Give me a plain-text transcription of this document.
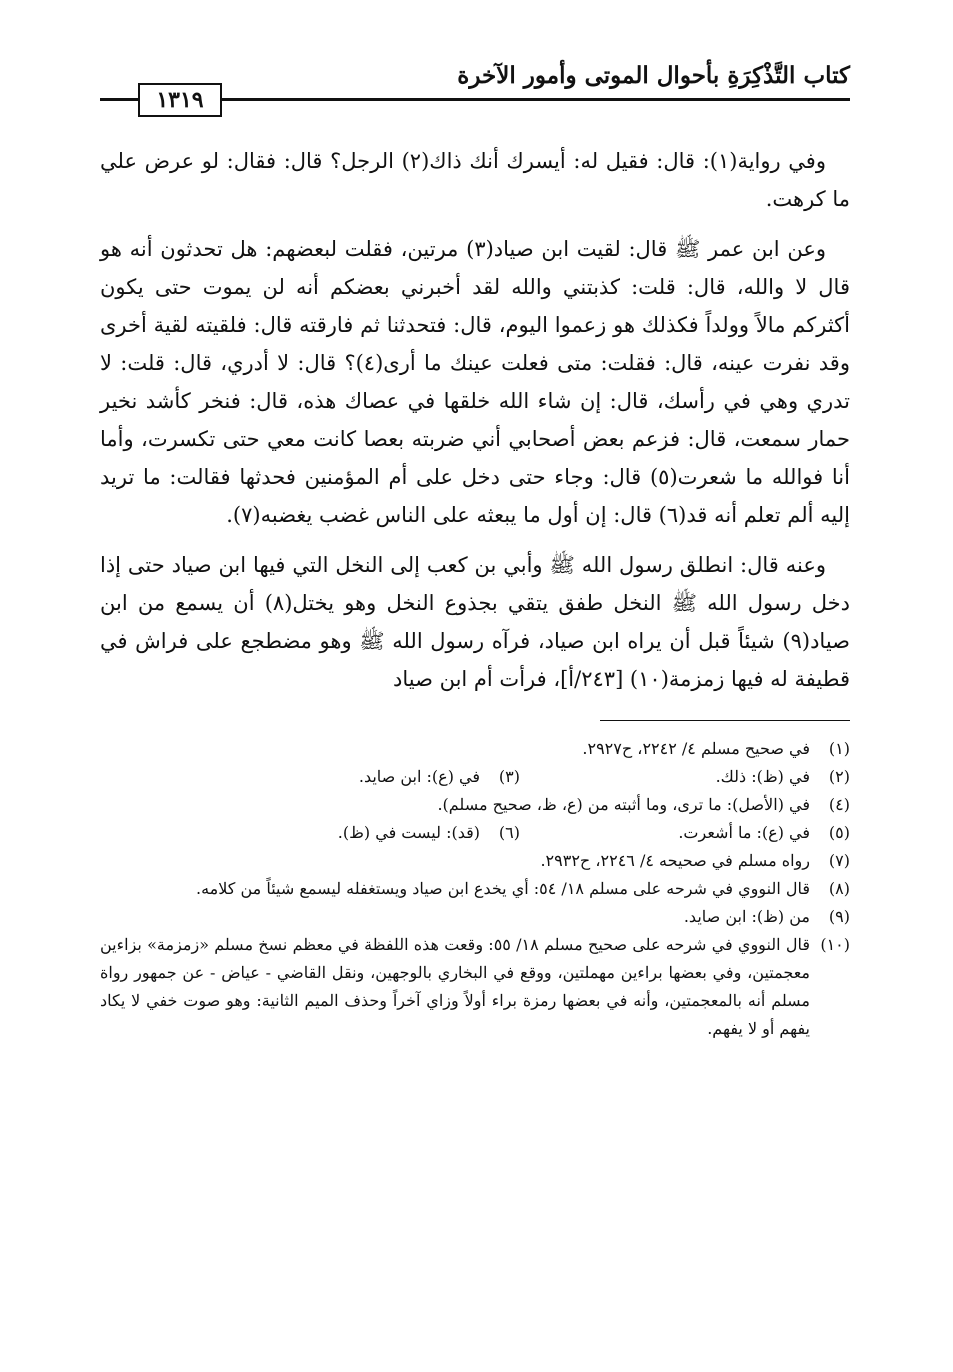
كتاب التَّذْكِرَةِ بأحوال الموتى وأمور الآخرة
١٣١٩

وفي رواية(١): قال: فقيل له: أيسرك أنك ذاك(٢) الرجل؟ قال: فقال: لو عرض علي ما كرهت.

وعن ابن عمر ﷺ قال: لقيت ابن صياد(٣) مرتين، فقلت لبعضهم: هل تحدثون أنه هو قال لا والله، قال: قلت: كذبتني والله لقد أخبرني بعضكم أنه لن يموت حتى يكون أكثركم مالاً وولداً فكذلك هو زعموا اليوم، قال: فتحدثنا ثم فارقته قال: فلقيته لقية أخرى وقد نفرت عينه، قال: فقلت: متى فعلت عينك ما أرى(٤)؟ قال: لا أدري، قال: قلت: لا تدري وهي في رأسك، قال: إن شاء الله خلقها في عصاك هذه، قال: فنخر كأشد نخير حمار سمعت، قال: فزعم بعض أصحابي أني ضربته بعصا كانت معي حتى تكسرت، وأما أنا فوالله ما شعرت(٥) قال: وجاء حتى دخل على أم المؤمنين فحدثها فقالت: ما تريد إليه ألم تعلم أنه قد(٦) قال: إن أول ما يبعثه على الناس غضب يغضبه(٧).

وعنه قال: انطلق رسول الله ﷺ وأبي بن كعب إلى النخل التي فيها ابن صياد حتى إذا دخل رسول الله ﷺ النخل طفق يتقي بجذوع النخل وهو يختل(٨) أن يسمع من ابن صياد(٩) شيئاً قبل أن يراه ابن صياد، فرآه رسول الله ﷺ وهو مضطجع على فراش في قطيفة له فيها زمزمة(١٠) [٢٤٣/أ]، فرأت أم ابن صياد

(١)
في صحيح مسلم ٤/ ٢٢٤٢، ح٢٩٢٧.
(٢)
في (ظ): ذلك.
(٣)
في (ع): ابن صايد.
(٤)
في (الأصل): ما ترى، وما أثبته من (ع، ظ، صحيح مسلم).
(٥)
في (ع): ما أشعرت.
(٦)
(قد): ليست في (ظ).
(٧)
رواه مسلم في صحيحه ٤/ ٢٢٤٦، ح٢٩٣٢.
(٨)
قال النووي في شرحه على مسلم ١٨/ ٥٤: أي يخدع ابن صياد ويستغفله ليسمع شيئاً من كلامه.
(٩)
من (ظ): ابن صايد.
(١٠)
قال النووي في شرحه على صحيح مسلم ١٨/ ٥٥: وقعت هذه اللفظة في معظم نسخ مسلم «زمزمة» بزاءين معجمتين، وفي بعضها براءين مهملتين، ووقع في البخاري بالوجهين، ونقل القاضي - عياض - عن جمهور رواة مسلم أنه بالمعجمتين، وأنه في بعضها رمزة براء أولاً وزاي آخراً وحذف الميم الثانية: وهو صوت خفي لا يكاد يفهم أو لا يفهم.
